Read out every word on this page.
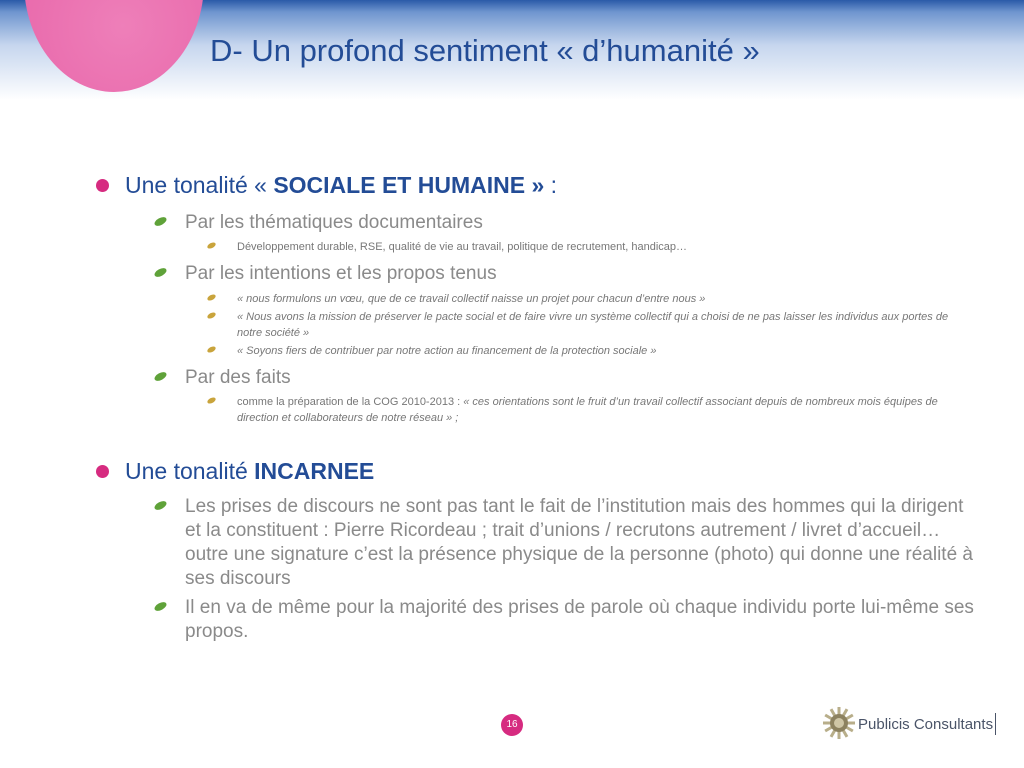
D- Un profond sentiment « d’humanité »
Une tonalité « SOCIALE ET HUMAINE » :
Par les thématiques documentaires
Développement durable, RSE, qualité de vie au travail, politique de recrutement, handicap…
Par les intentions et les propos tenus
« nous formulons un vœu, que de ce travail collectif naisse un projet pour chacun d’entre nous »
« Nous avons la mission de préserver le pacte social et de faire vivre un système collectif qui a choisi de ne pas laisser les individus aux portes de notre société »
« Soyons fiers de contribuer par notre action au financement de la protection sociale »
Par des faits
comme la préparation de la COG 2010-2013 : « ces orientations sont le fruit d’un travail collectif associant depuis de nombreux mois équipes de direction et collaborateurs de notre réseau » ;
Une tonalité INCARNEE
Les prises de discours ne sont pas tant le fait de l’institution mais des hommes qui la dirigent et la constituent : Pierre Ricordeau ; trait d’unions / recrutons autrement / livret d’accueil…outre une signature c’est la présence physique de la personne (photo) qui donne une réalité à ses discours
Il en va de même pour la majorité des prises de parole où chaque individu porte lui-même ses propos.
16	Publicis Consultants
